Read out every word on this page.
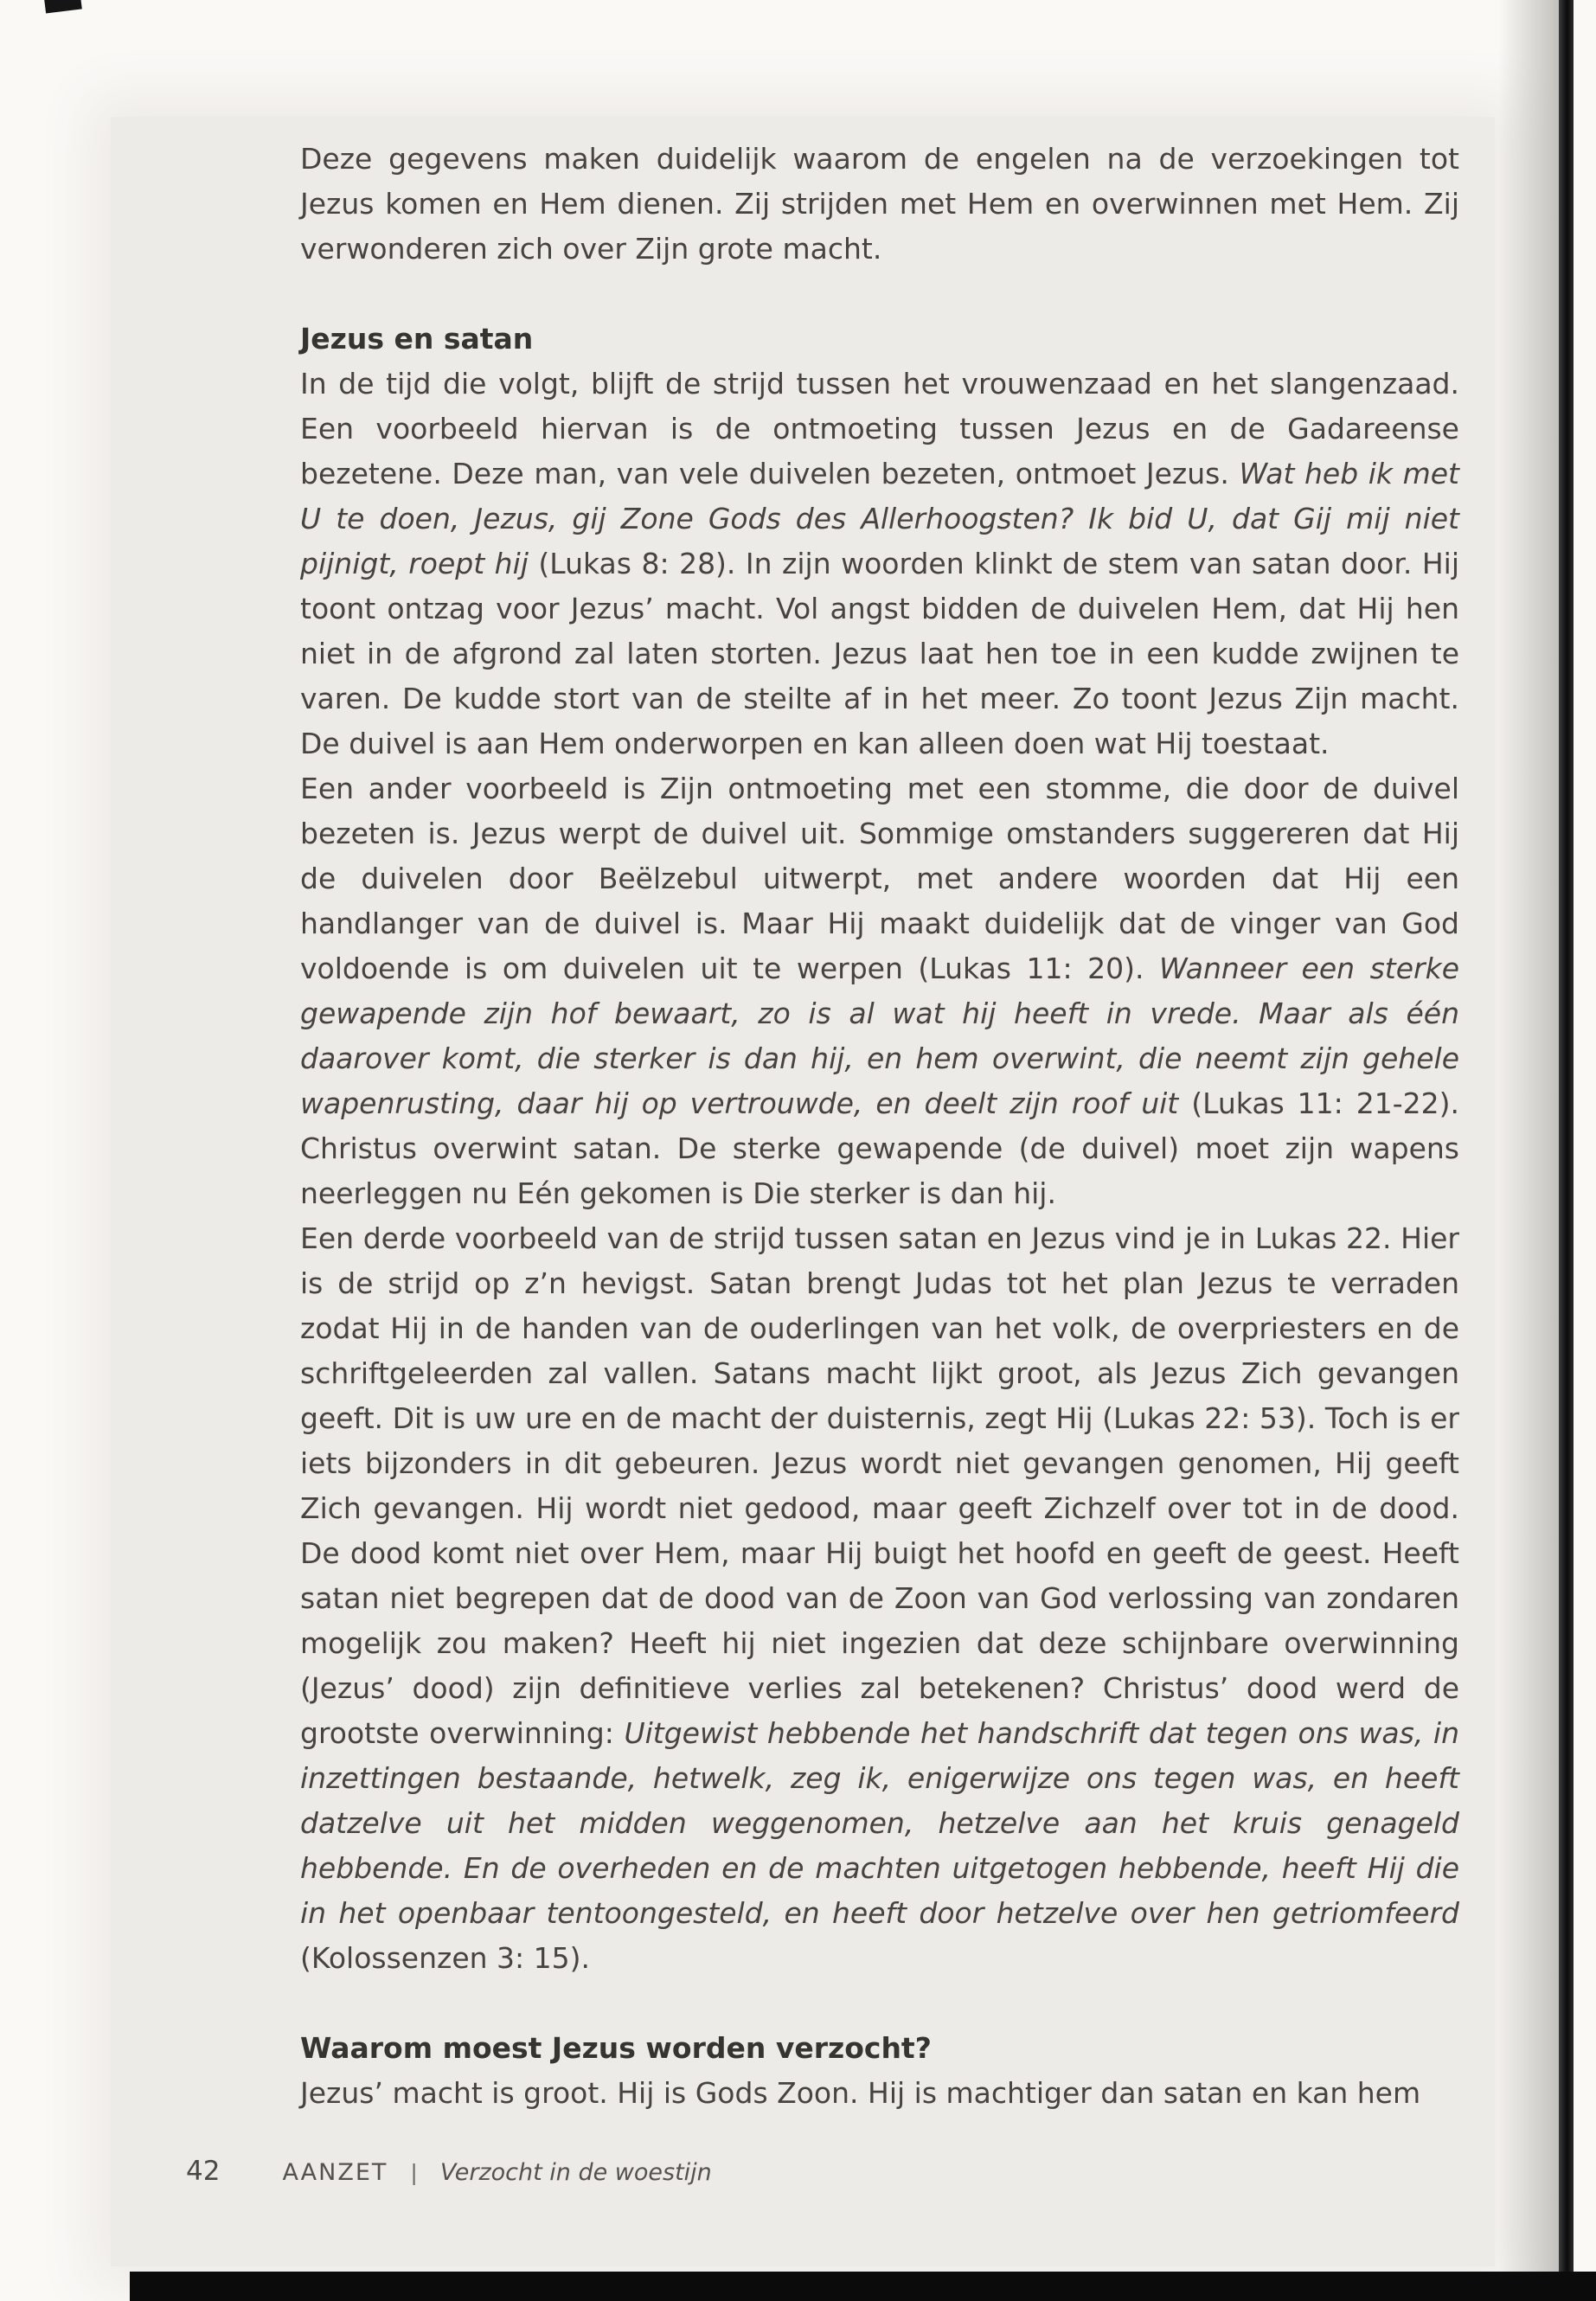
Deze gegevens maken duidelijk waarom de engelen na de verzoekingen tot Jezus komen en Hem dienen. Zij strijden met Hem en overwinnen met Hem. Zij verwonderen zich over Zijn grote macht.

Jezus en satan

In de tijd die volgt, blijft de strijd tussen het vrouwenzaad en het slangenzaad. Een voorbeeld hiervan is de ontmoeting tussen Jezus en de Gadareense bezetene. Deze man, van vele duivelen bezeten, ontmoet Jezus. Wat heb ik met U te doen, Jezus, gij Zone Gods des Allerhoogsten? Ik bid U, dat Gij mij niet pijnigt, roept hij (Lukas 8: 28). In zijn woorden klinkt de stem van satan door. Hij toont ontzag voor Jezus’ macht. Vol angst bidden de duivelen Hem, dat Hij hen niet in de afgrond zal laten storten. Jezus laat hen toe in een kudde zwijnen te varen. De kudde stort van de steilte af in het meer. Zo toont Jezus Zijn macht. De duivel is aan Hem onderworpen en kan alleen doen wat Hij toestaat.

Een ander voorbeeld is Zijn ontmoeting met een stomme, die door de duivel bezeten is. Jezus werpt de duivel uit. Sommige omstanders suggereren dat Hij de duivelen door Beëlzebul uitwerpt, met andere woorden dat Hij een handlanger van de duivel is. Maar Hij maakt duidelijk dat de vinger van God voldoende is om duivelen uit te werpen (Lukas 11: 20). Wanneer een sterke gewapende zijn hof bewaart, zo is al wat hij heeft in vrede. Maar als één daarover komt, die sterker is dan hij, en hem overwint, die neemt zijn gehele wapenrusting, daar hij op vertrouwde, en deelt zijn roof uit (Lukas 11: 21-22). Christus overwint satan. De sterke gewapende (de duivel) moet zijn wapens neerleggen nu Eén gekomen is Die sterker is dan hij.

Een derde voorbeeld van de strijd tussen satan en Jezus vind je in Lukas 22. Hier is de strijd op z’n hevigst. Satan brengt Judas tot het plan Jezus te verraden zodat Hij in de handen van de ouderlingen van het volk, de overpriesters en de schriftgeleerden zal vallen. Satans macht lijkt groot, als Jezus Zich gevangen geeft. Dit is uw ure en de macht der duisternis, zegt Hij (Lukas 22: 53). Toch is er iets bijzonders in dit gebeuren. Jezus wordt niet gevangen genomen, Hij geeft Zich gevangen. Hij wordt niet gedood, maar geeft Zichzelf over tot in de dood. De dood komt niet over Hem, maar Hij buigt het hoofd en geeft de geest. Heeft satan niet begrepen dat de dood van de Zoon van God verlossing van zondaren mogelijk zou maken? Heeft hij niet ingezien dat deze schijnbare overwinning (Jezus’ dood) zijn definitieve verlies zal betekenen? Christus’ dood werd de grootste overwinning: Uitgewist hebbende het handschrift dat tegen ons was, in inzettingen bestaande, hetwelk, zeg ik, enigerwijze ons tegen was, en heeft datzelve uit het midden weggenomen, hetzelve aan het kruis genageld hebbende. En de overheden en de machten uitgetogen hebbende, heeft Hij die in het openbaar tentoongesteld, en heeft door hetzelve over hen getriomfeerd (Kolossenzen 3: 15).

Waarom moest Jezus worden verzocht?

Jezus’ macht is groot. Hij is Gods Zoon. Hij is machtiger dan satan en kan hem

42	AANZET | Verzocht in de woestijn
